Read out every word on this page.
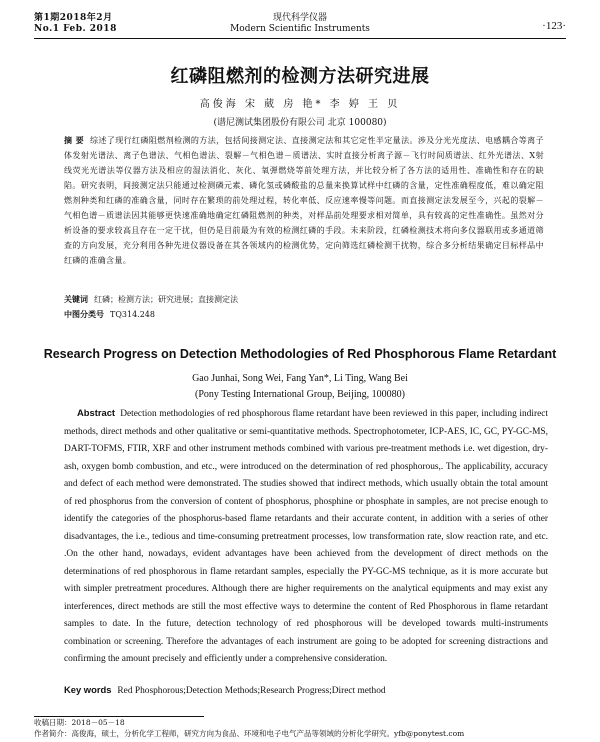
第1期2018年2月
No.1 Feb. 2018
现代科学仪器
Modern Scientific Instruments	·123·
红磷阻燃剂的检测方法研究进展
高俊海 宋 葳 房 艳* 李 婷 王 贝
(谱尼测试集团股份有限公司 北京 100080)
摘 要 综述了现行红磷阻燃剂检测的方法，包括间接测定法、直接测定法和其它定性半定量法。涉及分光光度法、电感耦合等离子体发射光谱法、离子色谱法、气相色谱法、裂解－气相色谱－质谱法、实时直接分析离子源－飞行时间质谱法、红外光谱法、X射线荧光光谱法等仪器方法及相应的湿法消化、灰化、氧弹燃烧等前处理方法，并比较分析了各方法的适用性、准确性和存在的缺陷。研究表明，间接测定法只能通过检测磷元素、磷化氢或磷酸盐的总量来换算试样中红磷的含量，定性准确程度低，难以确定阻燃剂种类和红磷的准确含量，同时存在繁琐的前处理过程，转化率低、反应速率慢等问题。而直接测定法发展至今，兴起的裂解－气相色谱－质谱法因其能够更快速准确地确定红磷阻燃剂的种类，对样品前处理要求相对简单，具有较高的定性准确性。虽然对分析设备的要求较高且存在一定干扰，但仍是目前最为有效的检测红磷的手段。未来阶段，红磷检测技术将向多仪器联用或多通道筛查的方向发展，充分利用各种先进仪器设备在其各领域内的检测优势，定向筛选红磷检测干扰物，综合多分析结果确定目标样品中红磷的准确含量。
关键词 红磷；检测方法；研究进展；直接测定法
中图分类号 TQ314.248
Research Progress on Detection Methodologies of Red Phosphorous Flame Retardant
Gao Junhai, Song Wei, Fang Yan*, Li Ting, Wang Bei
(Pony Testing International Group, Beijing, 100080)
Abstract Detection methodologies of red phosphorous flame retardant have been reviewed in this paper, including indirect methods, direct methods and other qualitative or semi-quantitative methods. Spectrophotometer, ICP-AES, IC, GC, PY-GC-MS, DART-TOFMS, FTIR, XRF and other instrument methods combined with various pre-treatment methods i.e. wet digestion, dry-ash, oxygen bomb combustion, and etc., were introduced on the determination of red phosphorous,. The applicability, accuracy and defect of each method were demonstrated. The studies showed that indirect methods, which usually obtain the total amount of red phosphorus from the conversion of content of phosphorus, phosphine or phosphate in samples, are not precise enough to identify the categories of the phosphorus-based flame retardants and their accurate content, in addition with a series of other disadvantages, the i.e., tedious and time-consuming pretreatment processes, low transformation rate, slow reaction rate, and etc. .On the other hand, nowadays, evident advantages have been achieved from the development of direct methods on the determinations of red phosphorous in flame retardant samples, especially the PY-GC-MS technique, as it is more accurate but with simpler pretreatment procedures. Although there are higher requirements on the analytical equipments and may exist any interferences, direct methods are still the most effective ways to determine the content of Red Phosphorous in flame retardant samples to date. In the future, detection technology of red phosphorous will be developed towards multi-instruments combination or screening. Therefore the advantages of each instrument are going to be adopted for screening distractions and confirming the amount precisely and efficiently under a comprehensive consideration.
Key words Red Phosphorous;Detection Methods;Research Progress;Direct method
收稿日期：2018－05－18
作者简介：高俊海，硕士，分析化学工程师，研究方向为食品、环境和电子电气产品等领域的分析化学研究。yfb@ponytest.com
